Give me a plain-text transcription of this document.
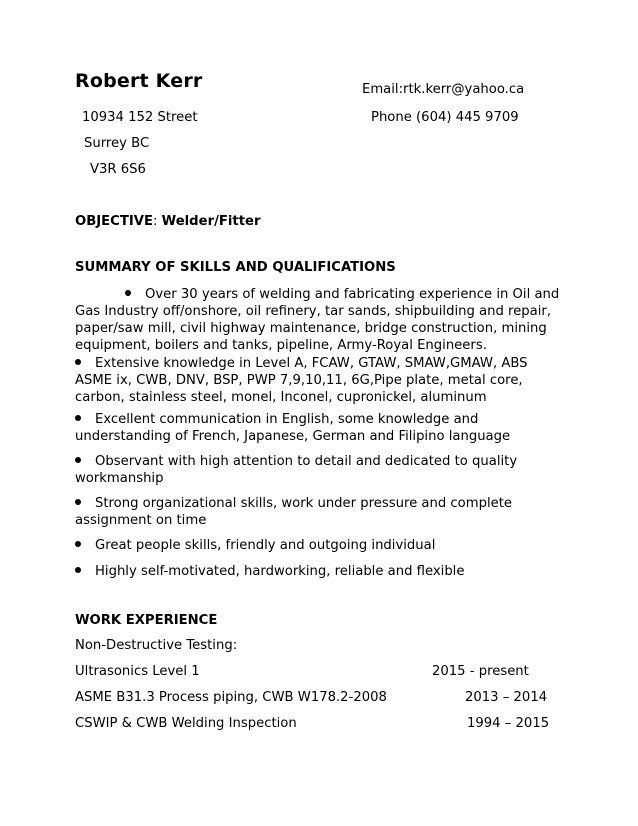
Robert Kerr	Email:rtk.kerr@yahoo.ca
10934 152 Street	Phone (604) 445 9709
Surrey BC
V3R 6S6
OBJECTIVE: Welder/Fitter
SUMMARY OF SKILLS AND QUALIFICATIONS
Over 30 years of welding and fabricating experience in Oil and Gas Industry off/onshore, oil refinery, tar sands, shipbuilding and repair, paper/saw mill, civil highway maintenance, bridge construction, mining equipment, boilers and tanks, pipeline, Army-Royal Engineers.
Extensive knowledge in Level A, FCAW, GTAW, SMAW,GMAW, ABS ASME ix, CWB, DNV, BSP, PWP 7,9,10,11, 6G,Pipe plate, metal core, carbon, stainless steel, monel, Inconel, cupronickel, aluminum
Excellent communication in English, some knowledge and understanding of French, Japanese, German and Filipino language
Observant with high attention to detail and dedicated to quality workmanship
Strong organizational skills, work under pressure and complete assignment on time
Great people skills, friendly and outgoing individual
Highly self-motivated, hardworking, reliable and flexible
WORK EXPERIENCE
Non-Destructive Testing:
Ultrasonics Level 1	2015 - present
ASME B31.3 Process piping, CWB W178.2-2008	2013 – 2014
CSWIP & CWB Welding Inspection	1994 – 2015
